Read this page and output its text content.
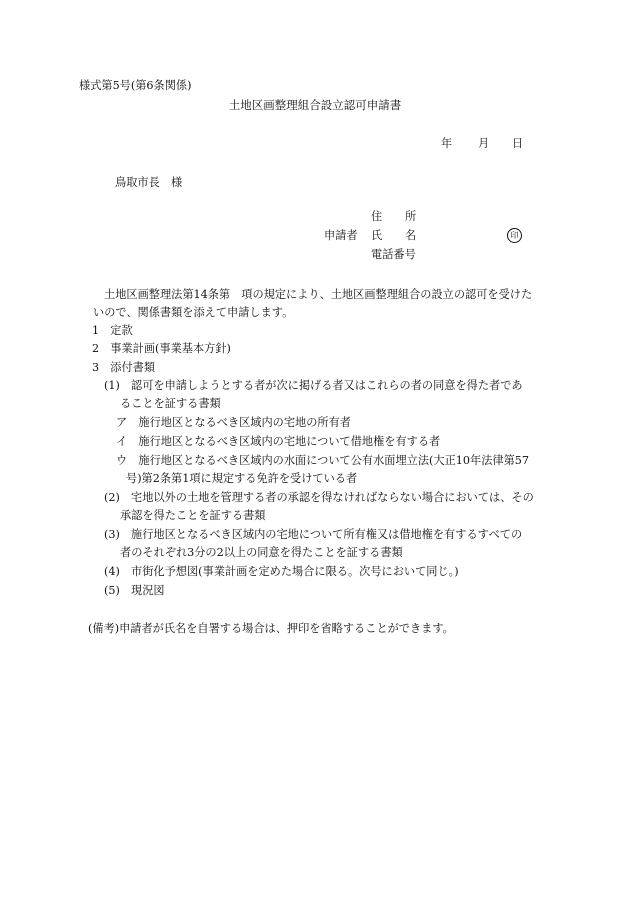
様式第5号(第6条関係)
土地区画整理組合設立認可申請書
年 月 日
鳥取市長　様
住 所
申請者 氏 名
電話番号
印
土地区画整理法第14条第　項の規定により、土地区画整理組合の設立の認可を受けた
いので、関係書類を添えて申請します。
1　定款
2　事業計画(事業基本方針)
3　添付書類
(1)　認可を申請しようとする者が次に掲げる者又はこれらの者の同意を得た者であ
ることを証する書類
ア　施行地区となるべき区域内の宅地の所有者
イ　施行地区となるべき区域内の宅地について借地権を有する者
ウ　施行地区となるべき区域内の水面について公有水面埋立法(大正10年法律第57
号)第2条第1項に規定する免許を受けている者
(2)　宅地以外の土地を管理する者の承認を得なければならない場合においては、その
承認を得たことを証する書類
(3)　施行地区となるべき区域内の宅地について所有権又は借地権を有するすべての
者のそれぞれ3分の2以上の同意を得たことを証する書類
(4)　市街化予想図(事業計画を定めた場合に限る。次号において同じ。)
(5)　現況図
(備考)申請者が氏名を自署する場合は、押印を省略することができます。
